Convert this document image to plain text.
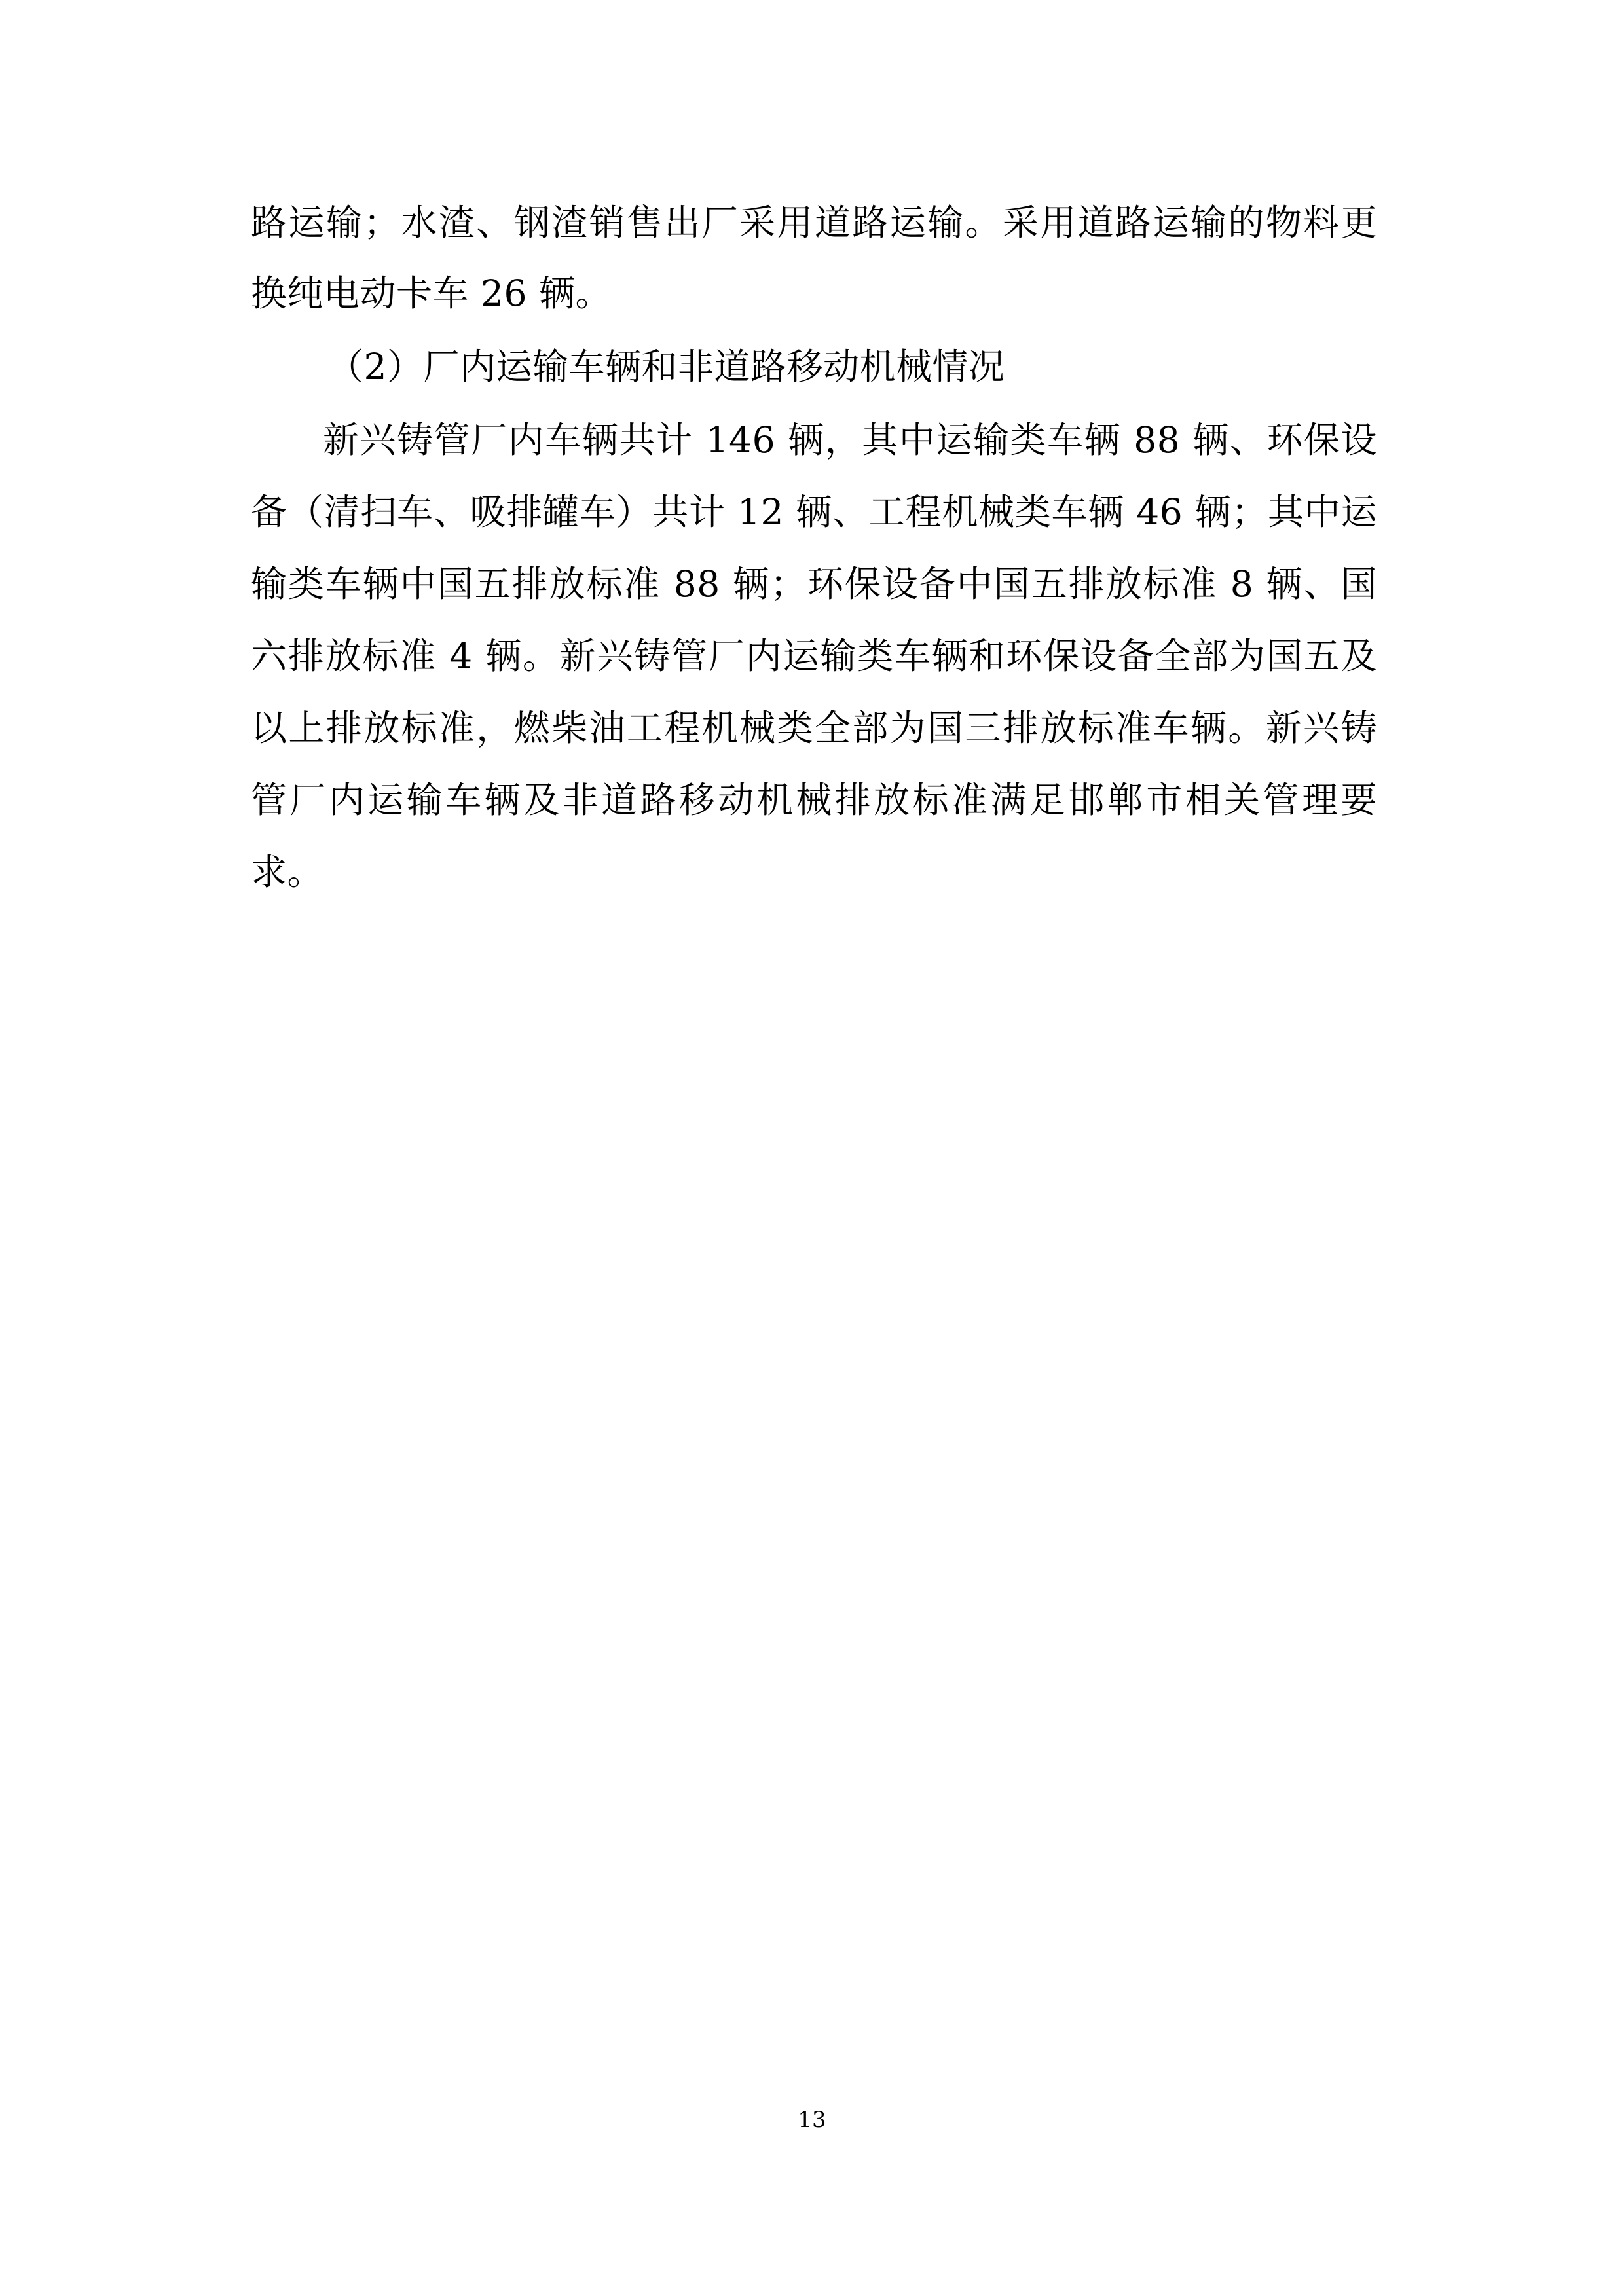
路运输；水渣、钢渣销售出厂采用道路运输。采用道路运输的物料更
换纯电动卡车 26 辆。
（2）厂内运输车辆和非道路移动机械情况
新兴铸管厂内车辆共计 146 辆，其中运输类车辆 88 辆、环保设
备（清扫车、吸排罐车）共计 12 辆、工程机械类车辆 46 辆；其中运
输类车辆中国五排放标准 88 辆；环保设备中国五排放标准 8 辆、国
六排放标准 4 辆。新兴铸管厂内运输类车辆和环保设备全部为国五及
以上排放标准，燃柴油工程机械类全部为国三排放标准车辆。新兴铸
管厂内运输车辆及非道路移动机械排放标准满足邯郸市相关管理要
求。
13
